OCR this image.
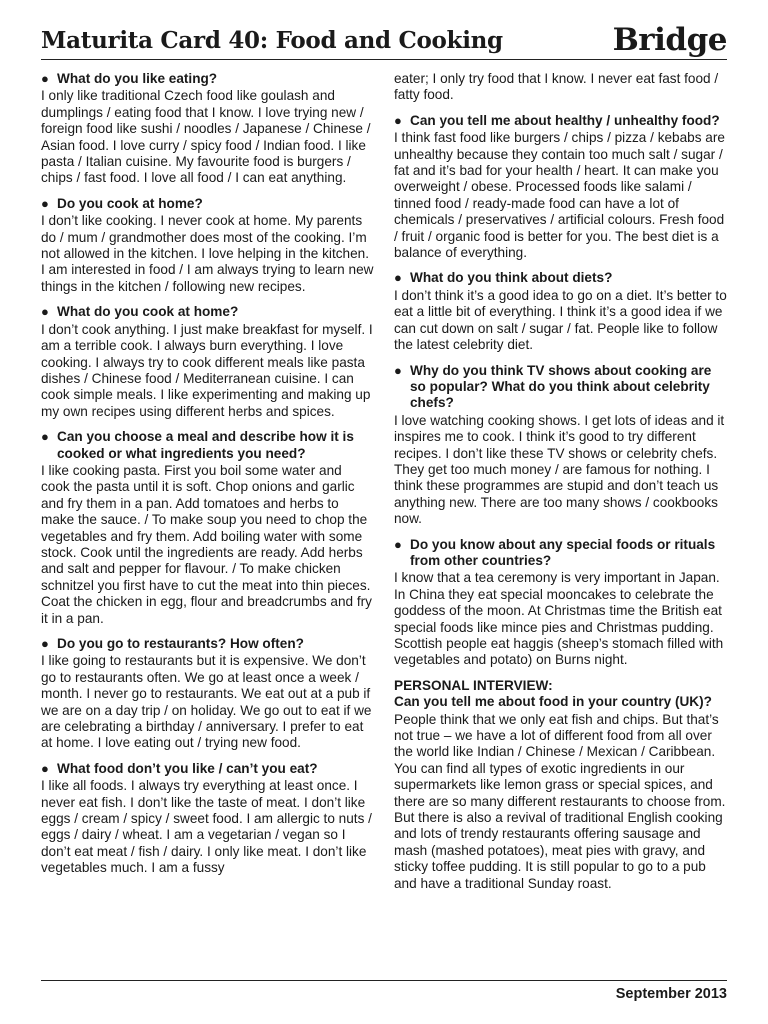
Maturita Card 40: Food and Cooking	Bridge

● What do you like eating?

I only like traditional Czech food like goulash and dumplings / eating food that I know. I love trying new / foreign food like sushi / noodles / Japanese / Chinese / Asian food. I love curry / spicy food / Indian food. I like pasta / Italian cuisine. My favourite food is burgers / chips / fast food. I love all food / I can eat anything.

● Do you cook at home?

I don’t like cooking. I never cook at home. My parents do / mum / grandmother does most of the cooking. I’m not allowed in the kitchen. I love helping in the kitchen. I am interested in food / I am always trying to learn new things in the kitchen / following new recipes.

● What do you cook at home?

I don’t cook anything. I just make breakfast for myself. I am a terrible cook. I always burn everything. I love cooking. I always try to cook different meals like pasta dishes / Chinese food / Mediterranean cuisine. I can cook simple meals. I like experimenting and making up my own recipes using different herbs and spices.

● Can you choose a meal and describe how it is cooked or what ingredients you need?

I like cooking pasta. First you boil some water and cook the pasta until it is soft. Chop onions and garlic and fry them in a pan. Add tomatoes and herbs to make the sauce. / To make soup you need to chop the vegetables and fry them. Add boiling water with some stock. Cook until the ingredients are ready. Add herbs and salt and pepper for flavour. / To make chicken schnitzel you first have to cut the meat into thin pieces. Coat the chicken in egg, flour and breadcrumbs and fry it in a pan.

● Do you go to restaurants? How often?

I like going to restaurants but it is expensive. We don’t go to restaurants often. We go at least once a week / month. I never go to restaurants. We eat out at a pub if we are on a day trip / on holiday. We go out to eat if we are celebrating a birthday / anniversary. I prefer to eat at home. I love eating out / trying new food.

● What food don’t you like / can’t you eat?

I like all foods. I always try everything at least once. I never eat fish. I don’t like the taste of meat. I don’t like eggs / cream / spicy / sweet food. I am allergic to nuts / eggs / dairy / wheat. I am a vegetarian / vegan so I don’t eat meat / fish / dairy. I only like meat. I don’t like vegetables much. I am a fussy

eater; I only try food that I know. I never eat fast food / fatty food.

● Can you tell me about healthy / unhealthy food?

I think fast food like burgers / chips / pizza / kebabs are unhealthy because they contain too much salt / sugar / fat and it’s bad for your health / heart. It can make you overweight / obese. Processed foods like salami / tinned food / ready-made food can have a lot of chemicals / preservatives / artificial colours. Fresh food / fruit / organic food is better for you. The best diet is a balance of everything.

● What do you think about diets?

I don’t think it’s a good idea to go on a diet. It’s better to eat a little bit of everything. I think it’s a good idea if we can cut down on salt / sugar / fat. People like to follow the latest celebrity diet.

● Why do you think TV shows about cooking are so popular? What do you think about celebrity chefs?

I love watching cooking shows. I get lots of ideas and it inspires me to cook. I think it’s good to try different recipes. I don’t like these TV shows or celebrity chefs. They get too much money / are famous for nothing. I think these programmes are stupid and don’t teach us anything new. There are too many shows / cookbooks now.

● Do you know about any special foods or rituals from other countries?

I know that a tea ceremony is very important in Japan. In China they eat special mooncakes to celebrate the goddess of the moon. At Christmas time the British eat special foods like mince pies and Christmas pudding. Scottish people eat haggis (sheep’s stomach filled with vegetables and potato) on Burns night.

PERSONAL INTERVIEW:

Can you tell me about food in your country (UK)?

People think that we only eat fish and chips. But that’s not true – we have a lot of different food from all over the world like Indian / Chinese / Mexican / Caribbean. You can find all types of exotic ingredients in our supermarkets like lemon grass or special spices, and there are so many different restaurants to choose from. But there is also a revival of traditional English cooking and lots of trendy restaurants offering sausage and mash (mashed potatoes), meat pies with gravy, and sticky toffee pudding. It is still popular to go to a pub and have a traditional Sunday roast.

September 2013
